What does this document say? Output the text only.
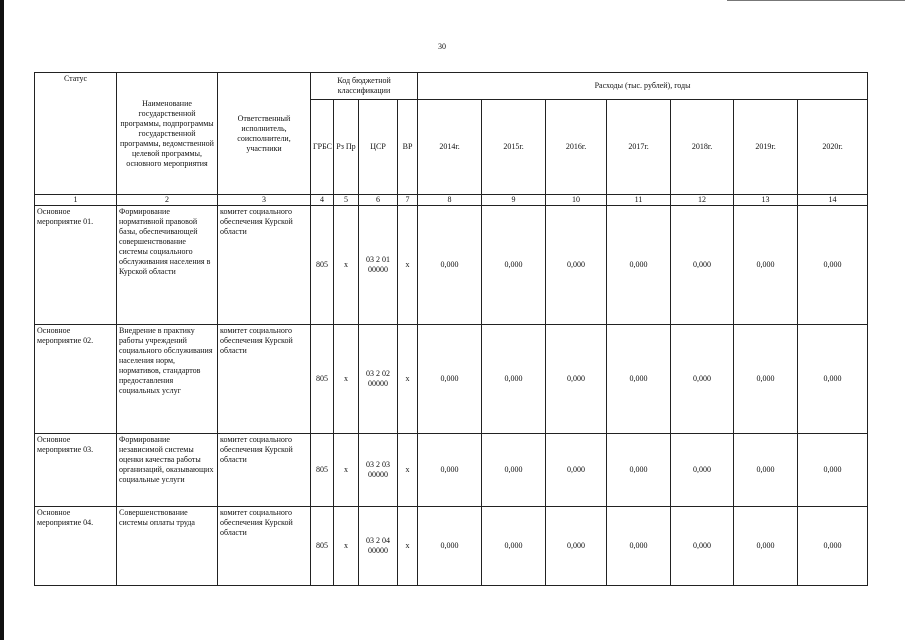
30
Статус	Наименование государственной программы, подпрограммы государственной программы, ведомственной целевой программы, основного мероприятия	Ответственный исполнитель, соисполнители, участники	Код бюджетной классификации				Расходы (тыс. рублей), годы						
			ГРБС	Рз Пр	ЦСР	ВР	2014г.	2015г.	2016г.	2017г.	2018г.	2019г.	2020г.
1	2	3	4	5	6	7	8	9	10	11	12	13	14
Основное мероприятие 01.	Формирование нормативной правовой базы, обеспечивающей совершенствование системы социального обслуживания населения в Курской области	комитет социального обеспечения Курской области	805	х	03 2 01 00000	х	0,000	0,000	0,000	0,000	0,000	0,000	0,000
Основное мероприятие 02.	Внедрение в практику работы учреждений социального обслуживания населения норм, нормативов, стандартов предоставления социальных услуг	комитет социального обеспечения Курской области	805	х	03 2 02 00000	х	0,000	0,000	0,000	0,000	0,000	0,000	0,000
Основное мероприятие 03.	Формирование независимой системы оценки качества работы организаций, оказывающих социальные услуги	комитет социального обеспечения Курской области	805	х	03 2 03 00000	х	0,000	0,000	0,000	0,000	0,000	0,000	0,000
Основное мероприятие 04.	Совершенствование системы оплаты труда	комитет социального обеспечения Курской области	805	х	03 2 04 00000	х	0,000	0,000	0,000	0,000	0,000	0,000	0,000
